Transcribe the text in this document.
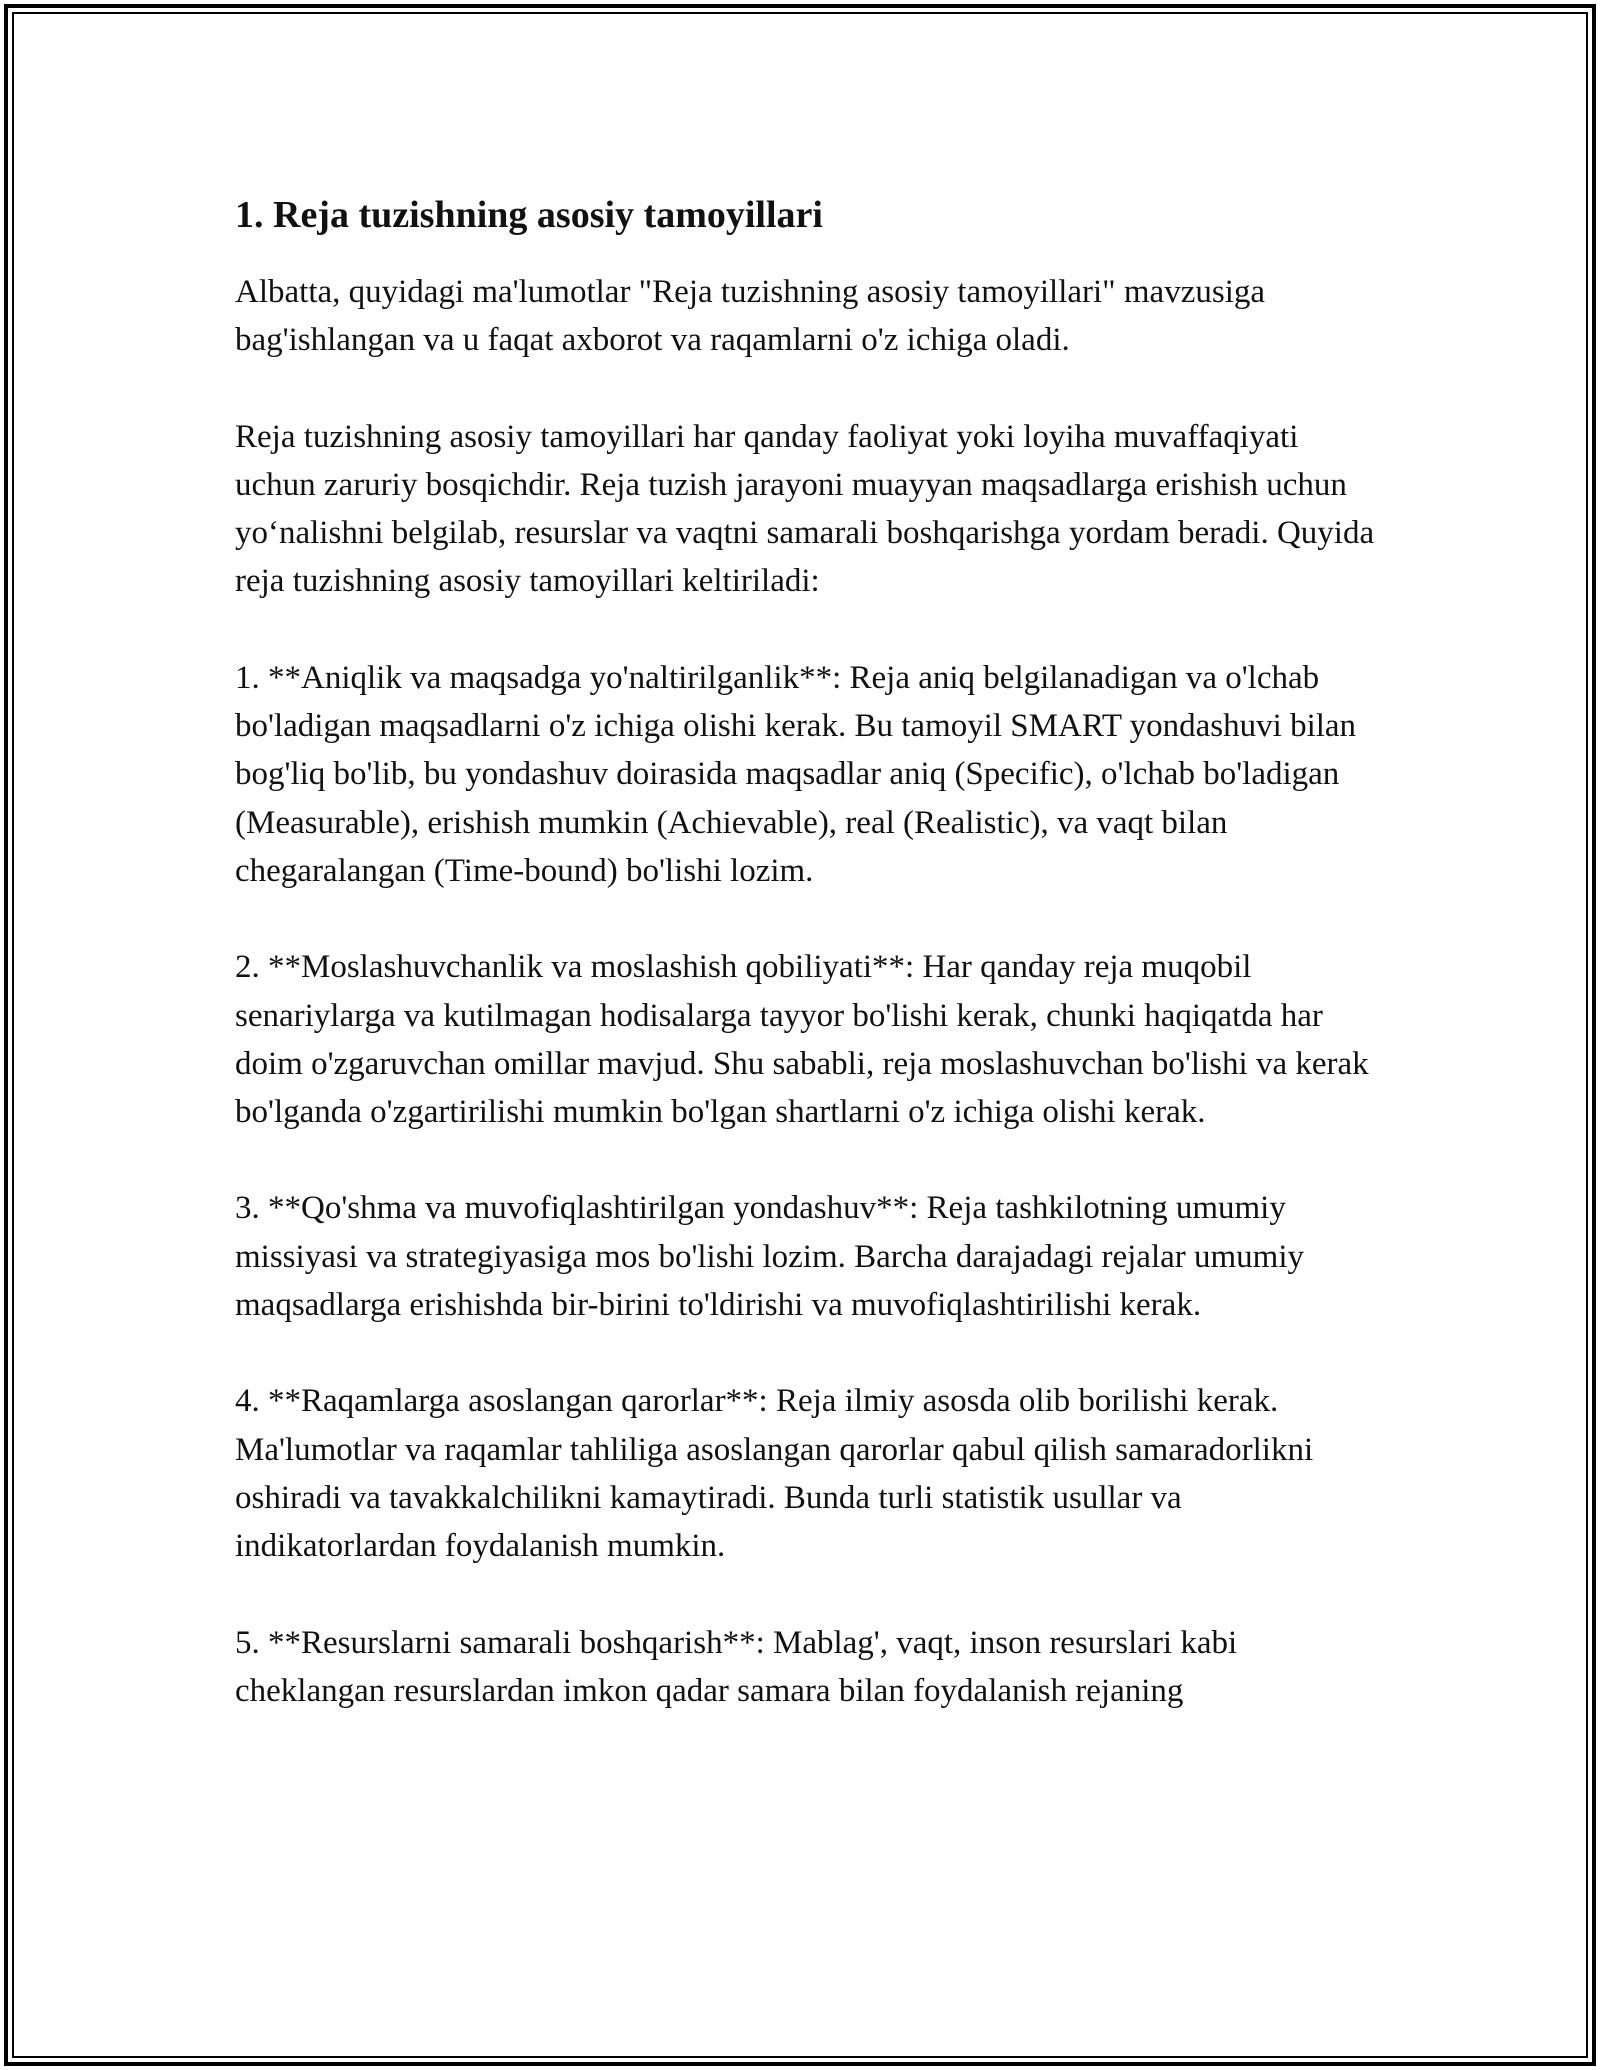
1. Reja tuzishning asosiy tamoyillari

Albatta, quyidagi ma'lumotlar "Reja tuzishning asosiy tamoyillari" mavzusiga bag'ishlangan va u faqat axborot va raqamlarni o'z ichiga oladi.

Reja tuzishning asosiy tamoyillari har qanday faoliyat yoki loyiha muvaffaqiyati uchun zaruriy bosqichdir. Reja tuzish jarayoni muayyan maqsadlarga erishish uchun yo‘nalishni belgilab, resurslar va vaqtni samarali boshqarishga yordam beradi. Quyida reja tuzishning asosiy tamoyillari keltiriladi:

1. **Aniqlik va maqsadga yo'naltirilganlik**: Reja aniq belgilanadigan va o'lchab bo'ladigan maqsadlarni o'z ichiga olishi kerak. Bu tamoyil SMART yondashuvi bilan bog'liq bo'lib, bu yondashuv doirasida maqsadlar aniq (Specific), o'lchab bo'ladigan (Measurable), erishish mumkin (Achievable), real (Realistic), va vaqt bilan chegaralangan (Time-bound) bo'lishi lozim.

2. **Moslashuvchanlik va moslashish qobiliyati**: Har qanday reja muqobil senariylarga va kutilmagan hodisalarga tayyor bo'lishi kerak, chunki haqiqatda har doim o'zgaruvchan omillar mavjud. Shu sababli, reja moslashuvchan bo'lishi va kerak bo'lganda o'zgartirilishi mumkin bo'lgan shartlarni o'z ichiga olishi kerak.

3. **Qo'shma va muvofiqlashtirilgan yondashuv**: Reja tashkilotning umumiy missiyasi va strategiyasiga mos bo'lishi lozim. Barcha darajadagi rejalar umumiy maqsadlarga erishishda bir-birini to'ldirishi va muvofiqlashtirilishi kerak.

4. **Raqamlarga asoslangan qarorlar**: Reja ilmiy asosda olib borilishi kerak. Ma'lumotlar va raqamlar tahliliga asoslangan qarorlar qabul qilish samaradorlikni oshiradi va tavakkalchilikni kamaytiradi. Bunda turli statistik usullar va indikatorlardan foydalanish mumkin.

5. **Resurslarni samarali boshqarish**: Mablag', vaqt, inson resurslari kabi cheklangan resurslardan imkon qadar samara bilan foydalanish rejaning
